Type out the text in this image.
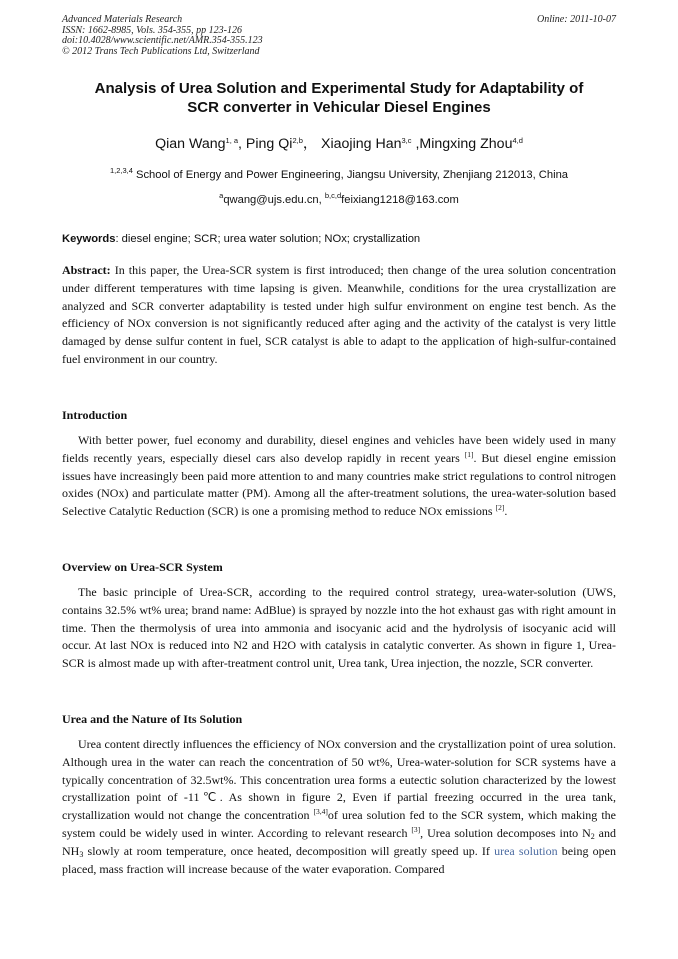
Advanced Materials Research
ISSN: 1662-8985, Vols. 354-355, pp 123-126
doi:10.4028/www.scientific.net/AMR.354-355.123
© 2012 Trans Tech Publications Ltd, Switzerland
Online: 2011-10-07
Analysis of Urea Solution and Experimental Study for Adaptability of
SCR converter in Vehicular Diesel Engines
Qian Wang$^{1, a}$, Ping Qi$^{2,b}$， Xiaojing Han$^{3,c}$ ,Mingxing Zhou$^{4,d}$
$^{1,2,3,4}$ School of Energy and Power Engineering, Jiangsu University, Zhenjiang 212013, China
$^a$qwang@ujs.edu.cn, $^{b,c,d}$feixiang1218@163.com
Keywords: diesel engine; SCR; urea water solution; NOx; crystallization

Abstract: In this paper, the Urea-SCR system is first introduced; then change of the urea solution concentration under different temperatures with time lapsing is given. Meanwhile, conditions for the urea crystallization are analyzed and SCR converter adaptability is tested under high sulfur environment on engine test bench. As the efficiency of NOx conversion is not significantly reduced after aging and the activity of the catalyst is very little damaged by dense sulfur content in fuel, SCR catalyst is able to adapt to the application of high-sulfur-contained fuel environment in our country.

Introduction

With better power, fuel economy and durability, diesel engines and vehicles have been widely used in many fields recently years, especially diesel cars also develop rapidly in recent years [1]. But diesel engine emission issues have increasingly been paid more attention to and many countries make strict regulations to control nitrogen oxides (NOx) and particulate matter (PM). Among all the after-treatment solutions, the urea-water-solution based Selective Catalytic Reduction (SCR) is one a promising method to reduce NOx emissions [2].

Overview on Urea-SCR System

The basic principle of Urea-SCR, according to the required control strategy, urea-water-solution (UWS, contains 32.5% wt% urea; brand name: AdBlue) is sprayed by nozzle into the hot exhaust gas with right amount in time. Then the thermolysis of urea into ammonia and isocyanic acid and the hydrolysis of isocyanic acid will occur. At last NOx is reduced into N2 and H2O with catalysis in catalytic converter. As shown in figure 1, Urea-SCR is almost made up with after-treatment control unit, Urea tank, Urea injection, the nozzle, SCR converter.

Urea and the Nature of Its Solution

Urea content directly influences the efficiency of NOx conversion and the crystallization point of urea solution. Although urea in the water can reach the concentration of 50 wt%, Urea-water-solution for SCR systems have a typically concentration of 32.5wt%. This concentration urea forms a eutectic solution characterized by the lowest crystallization point of -11℃. As shown in figure 2, Even if partial freezing occurred in the urea tank, crystallization would not change the concentration [3,4]of urea solution fed to the SCR system, which making the system could be widely used in winter. According to relevant research [3], Urea solution decomposes into $N_2$ and $NH_3$ slowly at room temperature, once heated, decomposition will greatly speed up. If urea solution being open placed, mass fraction will increase because of the water evaporation. Compared
